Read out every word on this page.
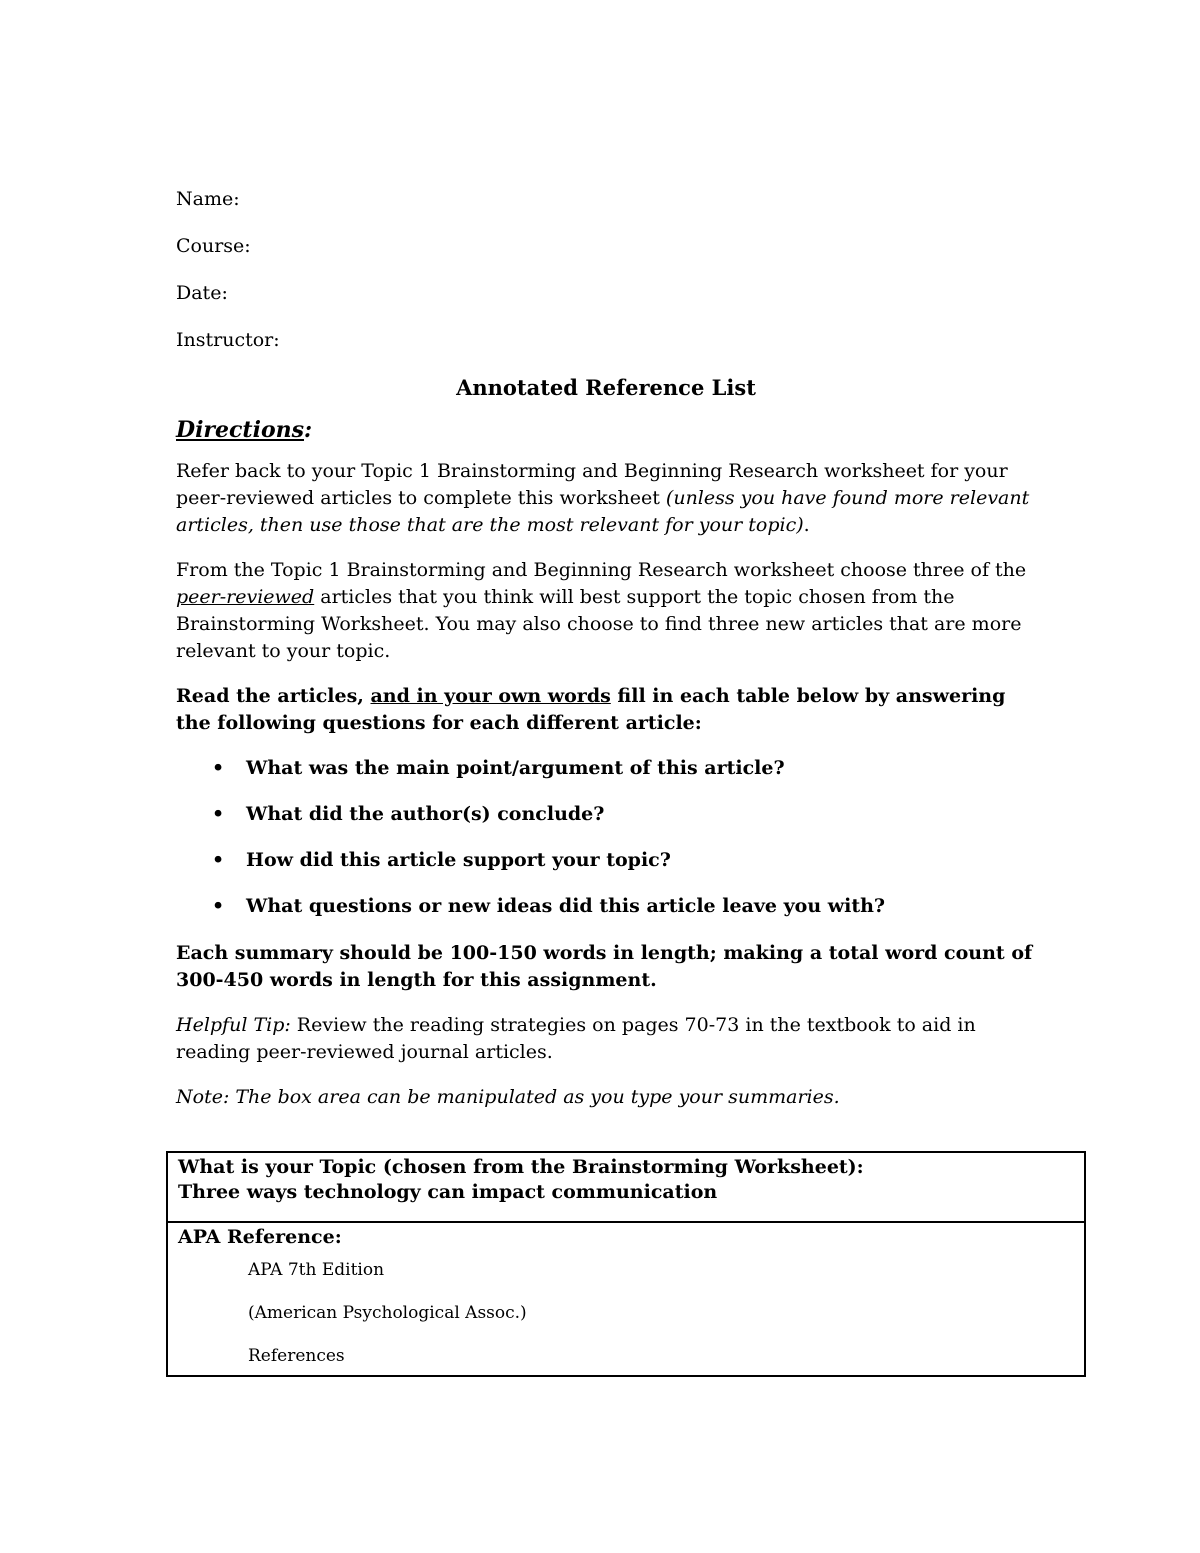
Name:
Course:
Date:
Instructor:
Annotated Reference List
Directions:

Refer back to your Topic 1 Brainstorming and Beginning Research worksheet for your peer-reviewed articles to complete this worksheet (unless you have found more relevant articles, then use those that are the most relevant for your topic).

From the Topic 1 Brainstorming and Beginning Research worksheet choose three of the peer-reviewed articles that you think will best support the topic chosen from the Brainstorming Worksheet. You may also choose to find three new articles that are more relevant to your topic.

Read the articles, and in your own words fill in each table below by answering the following questions for each different article:

• What was the main point/argument of this article?
• What did the author(s) conclude?
• How did this article support your topic?
• What questions or new ideas did this article leave you with?

Each summary should be 100-150 words in length; making a total word count of 300-450 words in length for this assignment.

Helpful Tip: Review the reading strategies on pages 70-73 in the textbook to aid in reading peer-reviewed journal articles.

Note: The box area can be manipulated as you type your summaries.

What is your Topic (chosen from the Brainstorming Worksheet):
Three ways technology can impact communication
APA Reference:
APA 7th Edition
(American Psychological Assoc.)
References
